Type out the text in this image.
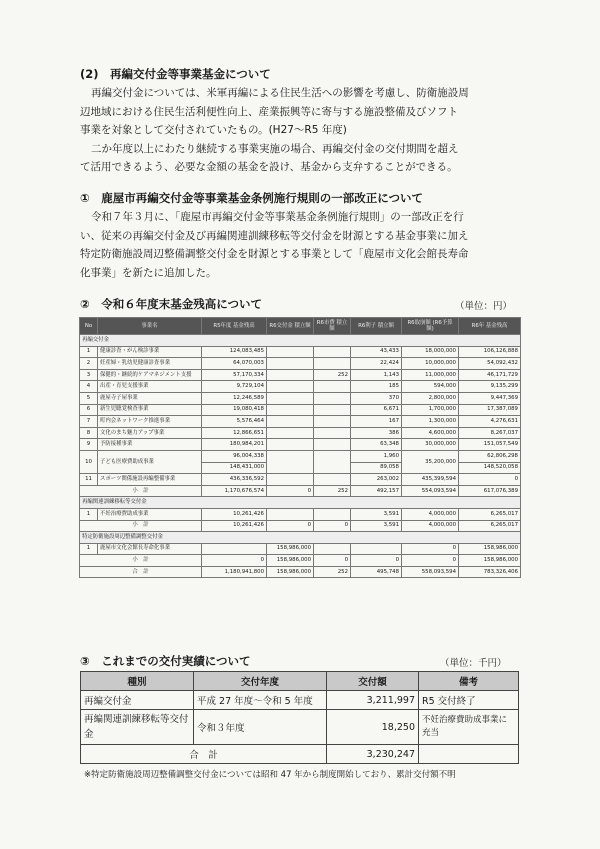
(2)　再編交付金等事業基金について
再編交付金については、米軍再編による住民生活への影響を考慮し、防衛施設周
辺地域における住民生活利便性向上、産業振興等に寄与する施設整備及びソフト
事業を対象として交付されていたもの。(H27〜R5 年度)
二か年度以上にわたり継続する事業実施の場合、再編交付金の交付期間を超え
て活用できるよう、必要な金額の基金を設け、基金から支弁することができる。
①　鹿屋市再編交付金等事業基金条例施行規則の一部改正について
令和７年３月に、「鹿屋市再編交付金等事業基金条例施行規則」の一部改正を行
い、従来の再編交付金及び再編関連訓練移転等交付金を財源とする基金事業に加え
特定防衛施設周辺整備調整交付金を財源とする事業として「鹿屋市文化会館長寿命
化事業」を新たに追加した。
②　令和６年度末基金残高について	（単位：円）
No	事業名	R5年度 基金残高	R6交付金 積立額	R6市費 積立額	R6利子 積立額	R6取崩額 (R6予算額)	R6年 基金残高
再編交付金							
1	健康診査・がん検診事業	124,083,485			43,433	18,000,000	106,126,888
2	妊産婦・乳幼児健康診査事業	64,070,003			22,424	10,000,000	54,092,432
3	保健的・継続的ケアマネジメント支援	57,170,334		252	1,143	11,000,000	46,171,729
4	出産・育児支援事業	9,729,104			185	594,000	9,135,299
5	鹿屋寺子屋事業	12,246,589			370	2,800,000	9,447,369
6	新生児聴覚検査事業	19,080,418			6,671	1,700,000	17,387,089
7	町内会ネットワーク推進事業	5,576,464			167	1,300,000	4,276,631
8	文化のまち魅力アップ事業	12,866,651			386	4,600,000	8,267,037
9	予防接種事業	180,984,201			63,348	30,000,000	151,057,549
10	子ども医療費助成事業	96,004,338			1,960	35,200,000	62,806,298
		148,431,000			89,058		148,520,058
11	スポーツ関係施設再編整備事業	436,336,592			263,002	435,399,594	0
小　計		1,170,676,574	0	252	492,157	554,093,594	617,076,389
再編関連訓練移転等交付金							
1	不妊治療費助成事業	10,261,426			3,591	4,000,000	6,265,017
小　計		10,261,426	0	0	3,591	4,000,000	6,265,017
特定防衛施設周辺整備調整交付金							
1	鹿屋市文化会館長寿命化事業		158,986,000			0	158,986,000
小　計		0	158,986,000	0	0	0	158,986,000
合　計		1,180,941,800	158,986,000	252	495,748	558,093,594	783,326,406
③　これまでの交付実績について	（単位：千円）
種別	交付年度	交付額	備考
再編交付金	平成 27 年度〜令和 5 年度	3,211,997	R5 交付終了
再編関連訓練移転等交付金	令和３年度	18,250	不妊治療費助成事業に充当
合　計		3,230,247	
※特定防衛施設周辺整備調整交付金については昭和 47 年から制度開始しており、累計交付額不明
